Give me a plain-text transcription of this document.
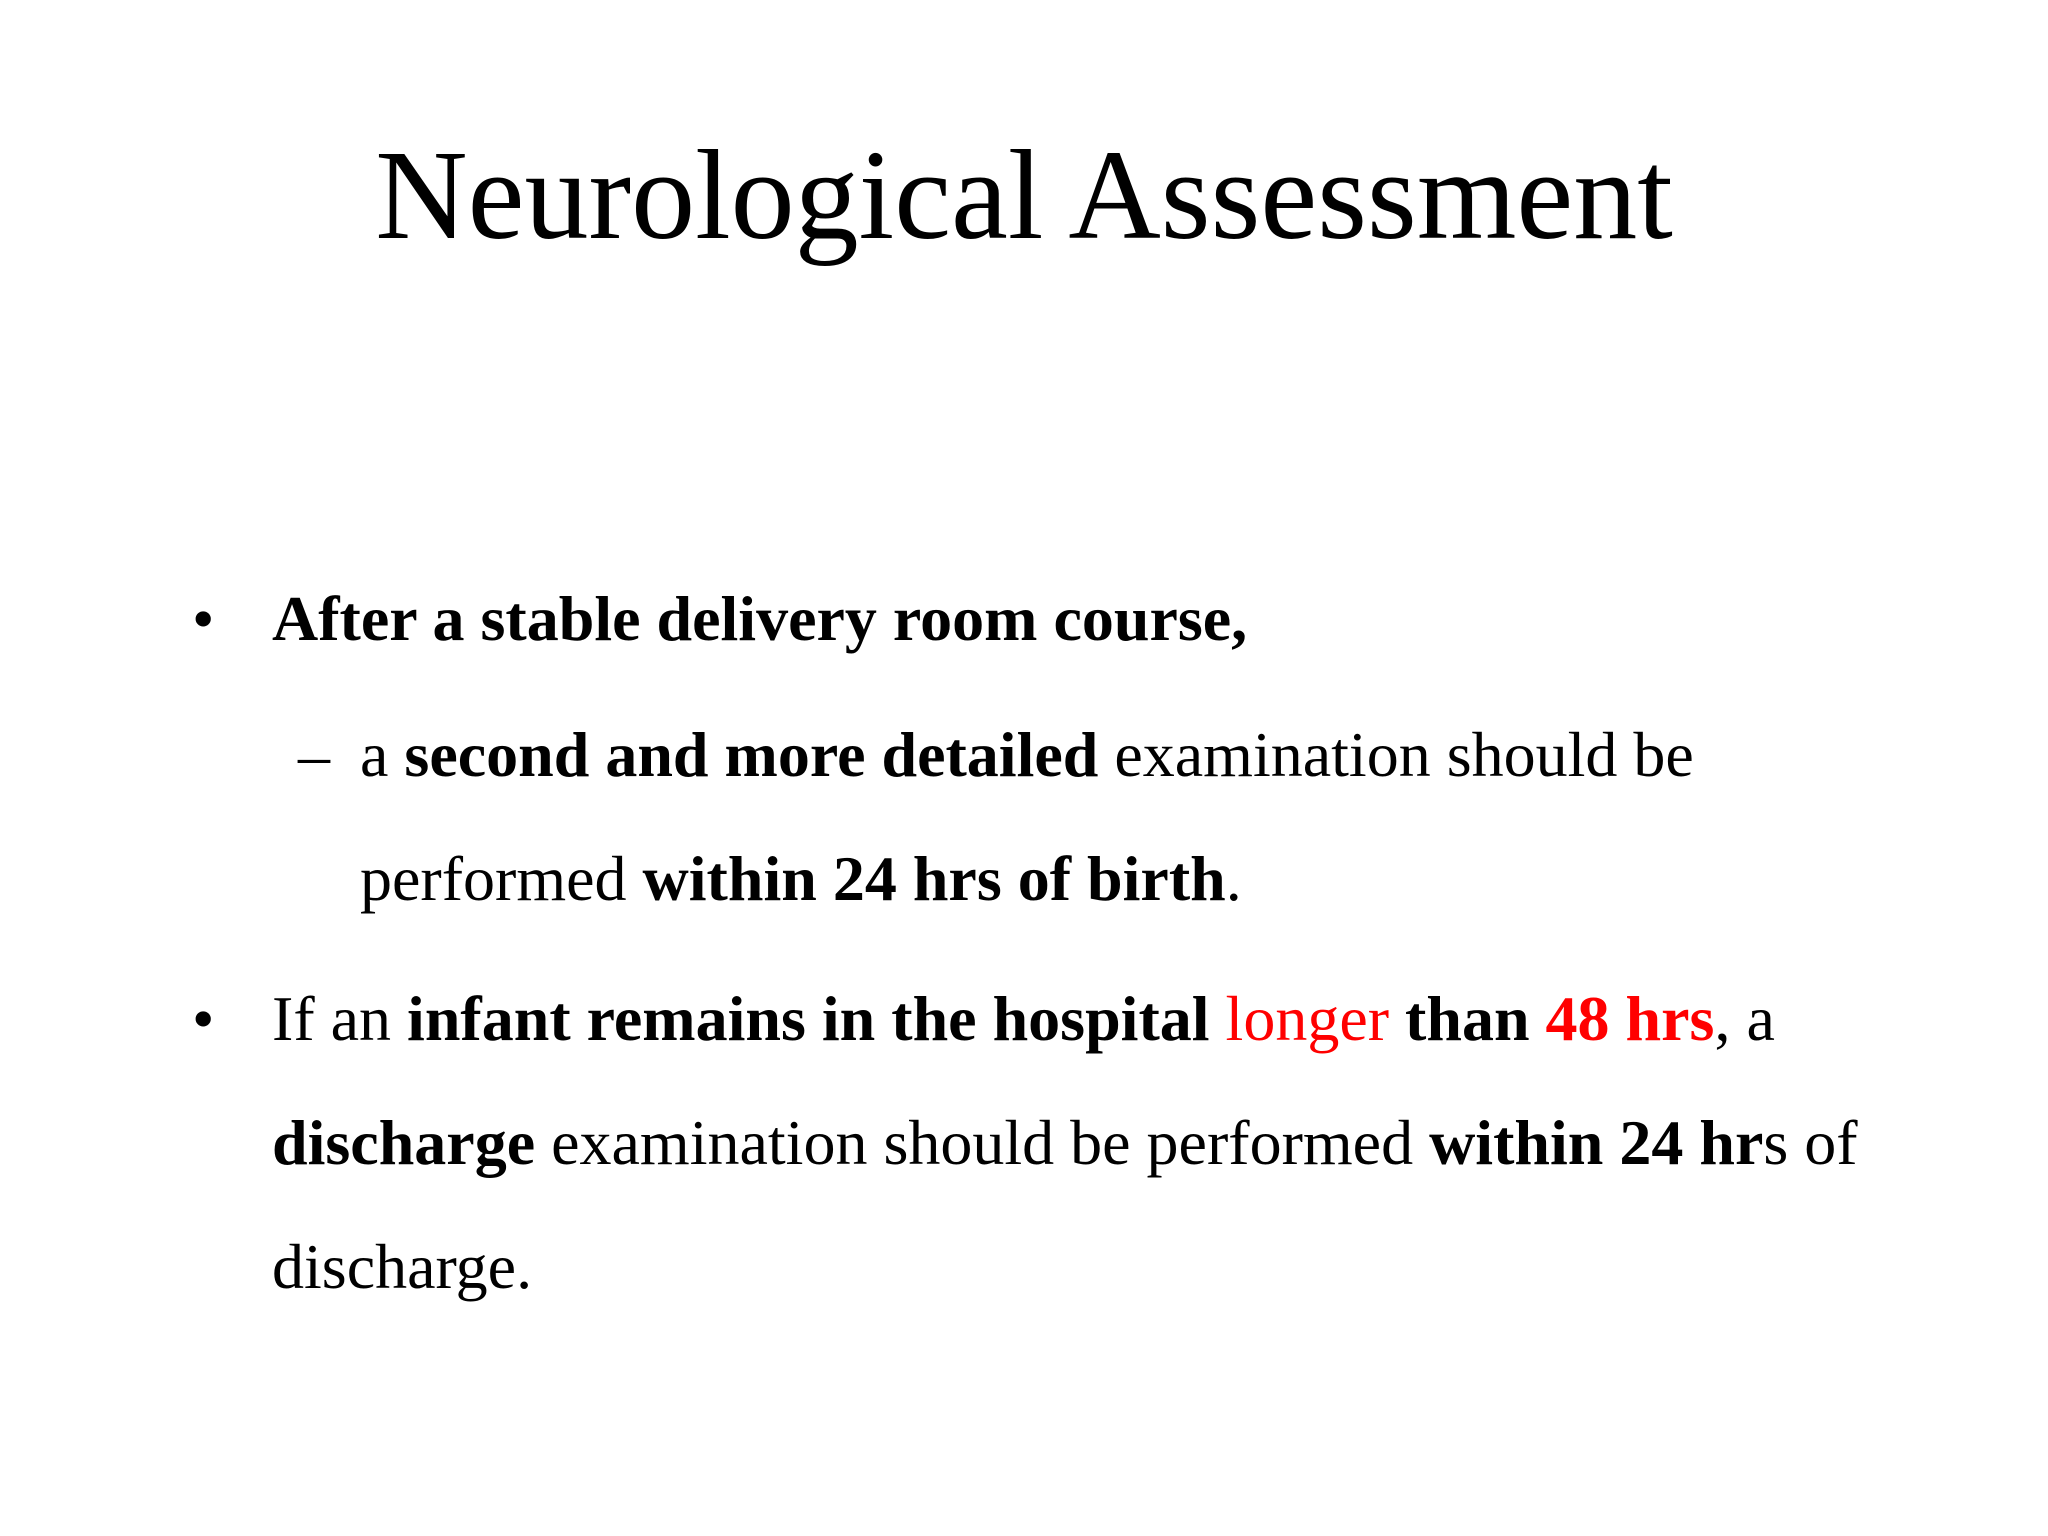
Neurological Assessment
• After a stable delivery room course,
– a second and more detailed examination should be
performed within 24 hrs of birth.
• If an infant remains in the hospital longer than 48 hrs, a
discharge examination should be performed within 24 hrs of
discharge.
